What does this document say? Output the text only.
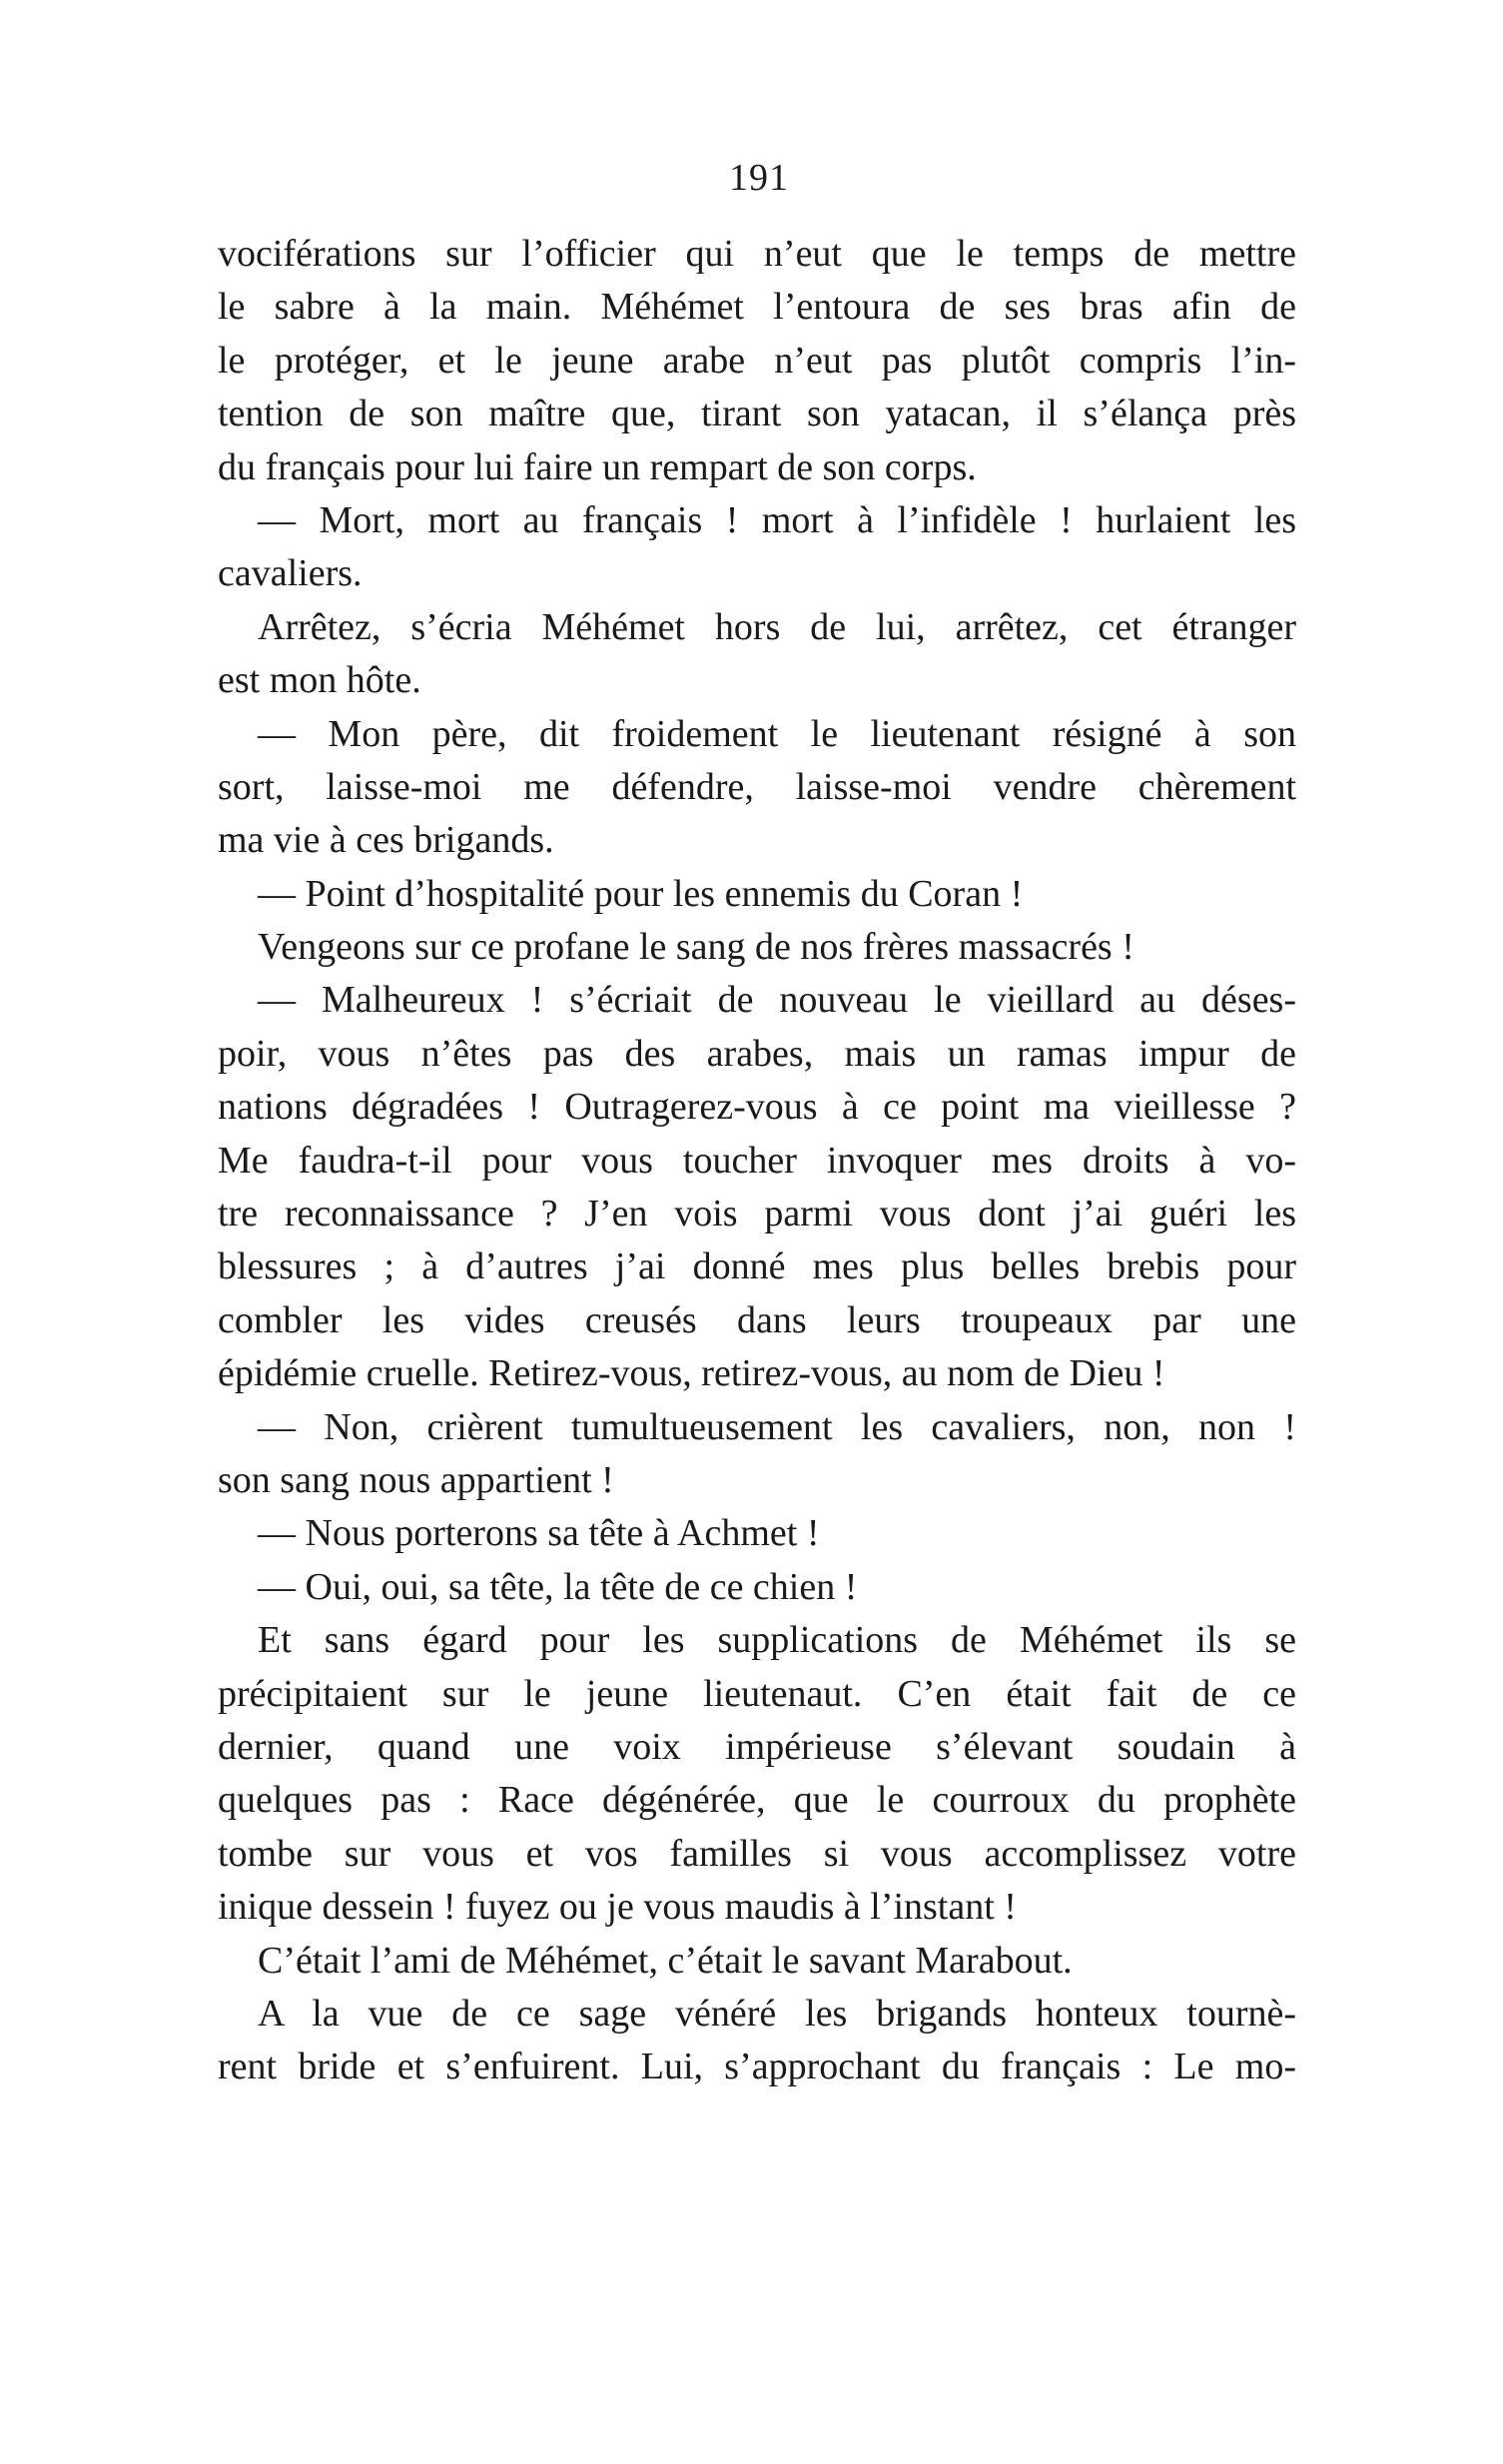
191
vociférations sur l’officier qui n’eut que le temps de mettre
le sabre à la main. Méhémet l’entoura de ses bras afin de
le protéger, et le jeune arabe n’eut pas plutôt compris l’in-
tention de son maître que, tirant son yatacan, il s’élança près
du français pour lui faire un rempart de son corps.
— Mort, mort au français ! mort à l’infidèle ! hurlaient les
cavaliers.
Arrêtez, s’écria Méhémet hors de lui, arrêtez, cet étranger
est mon hôte.
— Mon père, dit froidement le lieutenant résigné à son
sort, laisse-moi me défendre, laisse-moi vendre chèrement
ma vie à ces brigands.
— Point d’hospitalité pour les ennemis du Coran !
Vengeons sur ce profane le sang de nos frères massacrés !
— Malheureux ! s’écriait de nouveau le vieillard au déses-
poir, vous n’êtes pas des arabes, mais un ramas impur de
nations dégradées ! Outragerez-vous à ce point ma vieillesse ?
Me faudra-t-il pour vous toucher invoquer mes droits à vo-
tre reconnaissance ? J’en vois parmi vous dont j’ai guéri les
blessures ; à d’autres j’ai donné mes plus belles brebis pour
combler les vides creusés dans leurs troupeaux par une
épidémie cruelle. Retirez-vous, retirez-vous, au nom de Dieu !
— Non, crièrent tumultueusement les cavaliers, non, non !
son sang nous appartient !
— Nous porterons sa tête à Achmet !
— Oui, oui, sa tête, la tête de ce chien !
Et sans égard pour les supplications de Méhémet ils se
précipitaient sur le jeune lieutenaut. C’en était fait de ce
dernier, quand une voix impérieuse s’élevant soudain à
quelques pas : Race dégénérée, que le courroux du prophète
tombe sur vous et vos familles si vous accomplissez votre
inique dessein ! fuyez ou je vous maudis à l’instant !
C’était l’ami de Méhémet, c’était le savant Marabout.
A la vue de ce sage vénéré les brigands honteux tournè-
rent bride et s’enfuirent. Lui, s’approchant du français : Le mo-
